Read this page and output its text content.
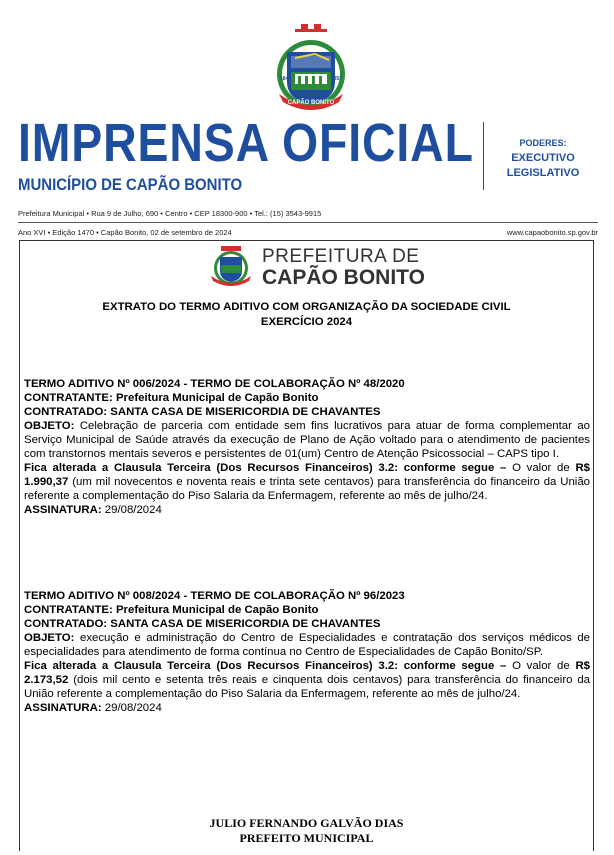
CAPÃO BONITO
1843	1857
IMPRENSA OFICIAL
MUNICÍPIO DE CAPÃO BONITO
PODERES:
EXECUTIVO
LEGISLATIVO
Prefeitura Municipal • Rua 9 de Julho, 690 • Centro • CEP 18300-900 • Tel.: (15) 3543-9915
Ano XVI • Edição 1470 • Capão Bonito, 02 de setembro de 2024	www.capaobonito.sp.gov.br
PREFEITURA DE
CAPÃO BONITO
EXTRATO DO TERMO ADITIVO COM ORGANIZAÇÃO DA SOCIEDADE CIVIL
EXERCÍCIO 2024

TERMO ADITIVO Nº 006/2024 - TERMO DE COLABORAÇÃO Nº 48/2020

CONTRATANTE: Prefeitura Municipal de Capão Bonito

CONTRATADO: SANTA CASA DE MISERICORDIA DE CHAVANTES

OBJETO: Celebração de parceria com entidade sem fins lucrativos para atuar de forma complementar ao Serviço Municipal de Saúde através da execução de Plano de Ação voltado para o atendimento de pacientes com transtornos mentais severos e persistentes de 01(um) Centro de Atenção Psicossocial – CAPS tipo I.

Fica alterada a Clausula Terceira (Dos Recursos Financeiros) 3.2: conforme segue – O valor de R$ 1.990,37 (um mil novecentos e noventa reais e trinta sete centavos) para transferência do financeiro da União referente a complementação do Piso Salaria da Enfermagem, referente ao mês de julho/24.

ASSINATURA: 29/08/2024

TERMO ADITIVO Nº 008/2024 - TERMO DE COLABORAÇÃO Nº 96/2023

CONTRATANTE: Prefeitura Municipal de Capão Bonito

CONTRATADO: SANTA CASA DE MISERICORDIA DE CHAVANTES

OBJETO: execução e administração do Centro de Especialidades e contratação dos serviços médicos de especialidades para atendimento de forma contínua no Centro de Especialidades de Capão Bonito/SP.

Fica alterada a Clausula Terceira (Dos Recursos Financeiros) 3.2: conforme segue – O valor de R$ 2.173,52 (dois mil cento e setenta três reais e cinquenta dois centavos) para transferência do financeiro da União referente a complementação do Piso Salaria da Enfermagem, referente ao mês de julho/24.

ASSINATURA: 29/08/2024

JULIO FERNANDO GALVÃO DIAS
PREFEITO MUNICIPAL
